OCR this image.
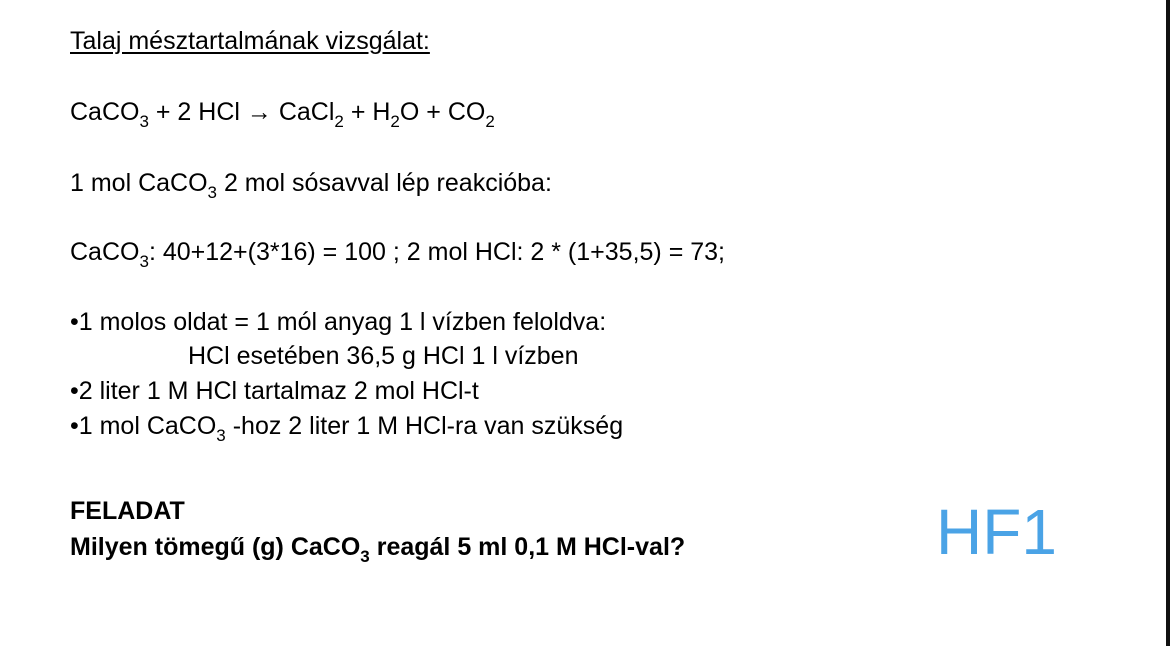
Talaj mésztartalmának vizsgálat:
CaCO$_3$ + 2 HCl → CaCl$_2$ + $H_2O + CO_2$
1 mol CaCO$_3$ 2 mol sósavval lép reakcióba:
CaCO$_3$: 40+12+(3*16) = 100 ; 2 mol HCl: 2 * (1+35,5) = 73;
•1 molos oldat = 1 mól anyag 1 l vízben feloldva:
HCl esetében 36,5 g HCl 1 l vízben
•2 liter 1 M HCl tartalmaz 2 mol HCl-t
•1 mol CaCO$_3$ -hoz 2 liter 1 M HCl-ra van szükség
FELADAT
Milyen tömegű (g) CaCO$_3$ reagál 5 ml 0,1 M HCl-val?	HF1
